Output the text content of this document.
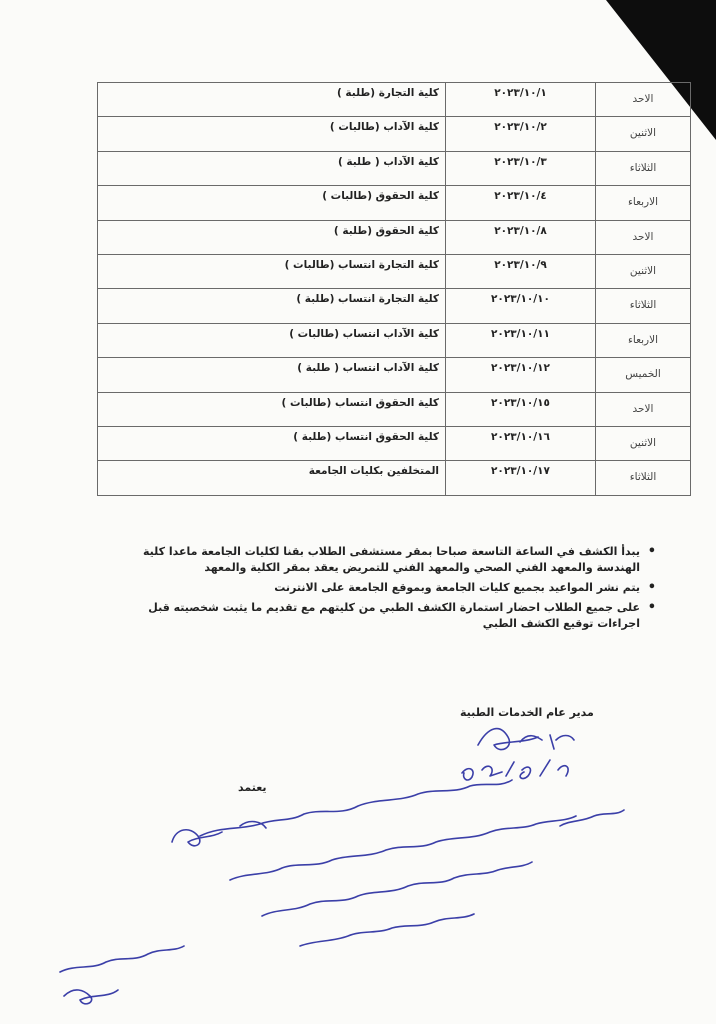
الاحد	٢٠٢٣/١٠/١	كلية التجارة (طلبة )
الاثنين	٢٠٢٣/١٠/٢	كلية الآداب (طالبات )
الثلاثاء	٢٠٢٣/١٠/٣	كلية الآداب ( طلبة )
الاربعاء	٢٠٢٣/١٠/٤	كلية الحقوق (طالبات )
الاحد	٢٠٢٣/١٠/٨	كلية الحقوق (طلبة )
الاثنين	٢٠٢٣/١٠/٩	كلية التجارة انتساب (طالبات )
الثلاثاء	٢٠٢٣/١٠/١٠	كلية التجارة انتساب (طلبة )
الاربعاء	٢٠٢٣/١٠/١١	كلية الآداب انتساب (طالبات )
الخميس	٢٠٢٣/١٠/١٢	كلية الآداب انتساب ( طلبة )
الاحد	٢٠٢٣/١٠/١٥	كلية الحقوق انتساب (طالبات )
الاثنين	٢٠٢٣/١٠/١٦	كلية الحقوق انتساب (طلبة )
الثلاثاء	٢٠٢٣/١٠/١٧	المتخلفين بكليات الجامعة
• يبدأ الكشف في الساعة التاسعة صباحا بمقر مستشفى الطلاب بقنا لكليات الجامعة ماعدا كلية الهندسة والمعهد الفني الصحي والمعهد الفني للتمريض يعقد بمقر الكلية والمعهد
• يتم نشر المواعيد بجميع كليات الجامعة وبموقع الجامعة على الانترنت
• على جميع الطلاب احضار استمارة الكشف الطبي من كليتهم مع تقديم ما يثبت شخصيته قبل اجراءات توقيع الكشف الطبي
مدير عام الخدمات الطبية
يعتمد
